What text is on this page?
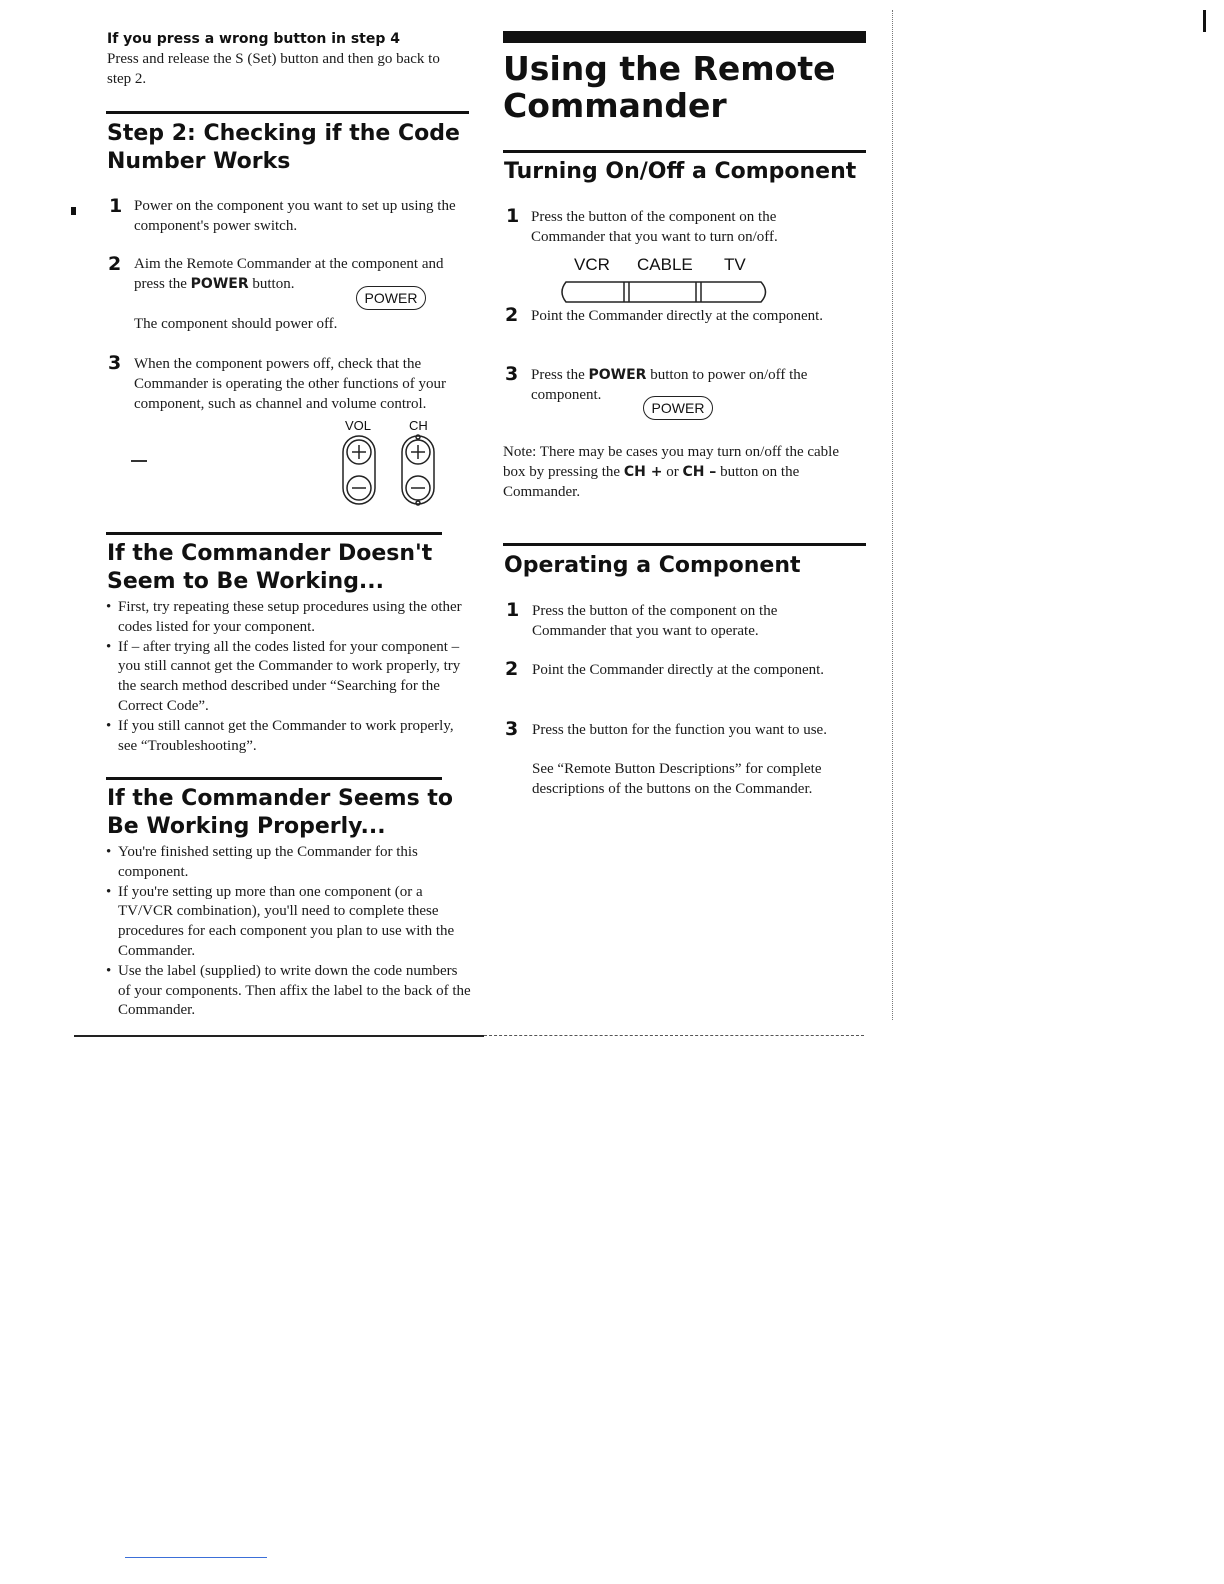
If you press a wrong button in step 4
Press and release the S (Set) button and then go back to step 2.
Step 2: Checking if the Code Number Works
1 Power on the component you want to set up using the component's power switch.
2 Aim the Remote Commander at the component and press the POWER button.
POWER
The component should power off.
3 When the component powers off, check that the Commander is operating the other functions of your component, such as channel and volume control.
VOL	CH
If the Commander Doesn't Seem to Be Working...
• First, try repeating these setup procedures using the other codes listed for your component.
• If – after trying all the codes listed for your component – you still cannot get the Commander to work properly, try the search method described under “Searching for the Correct Code”.
• If you still cannot get the Commander to work properly, see “Troubleshooting”.
If the Commander Seems to Be Working Properly...
• You're finished setting up the Commander for this component.
• If you're setting up more than one component (or a TV/VCR combination), you'll need to complete these procedures for each component you plan to use with the Commander.
• Use the label (supplied) to write down the code numbers of your components. Then affix the label to the back of the Commander.
Using the Remote Commander
Turning On/Off a Component
1 Press the button of the component on the Commander that you want to turn on/off.
VCR CABLE TV
2 Point the Commander directly at the component.
3 Press the POWER button to power on/off the component.
POWER
Note: There may be cases you may turn on/off the cable box by pressing the CH + or CH – button on the Commander.
Operating a Component
1 Press the button of the component on the Commander that you want to operate.
2 Point the Commander directly at the component.
3 Press the button for the function you want to use.
See “Remote Button Descriptions” for complete descriptions of the buttons on the Commander.
